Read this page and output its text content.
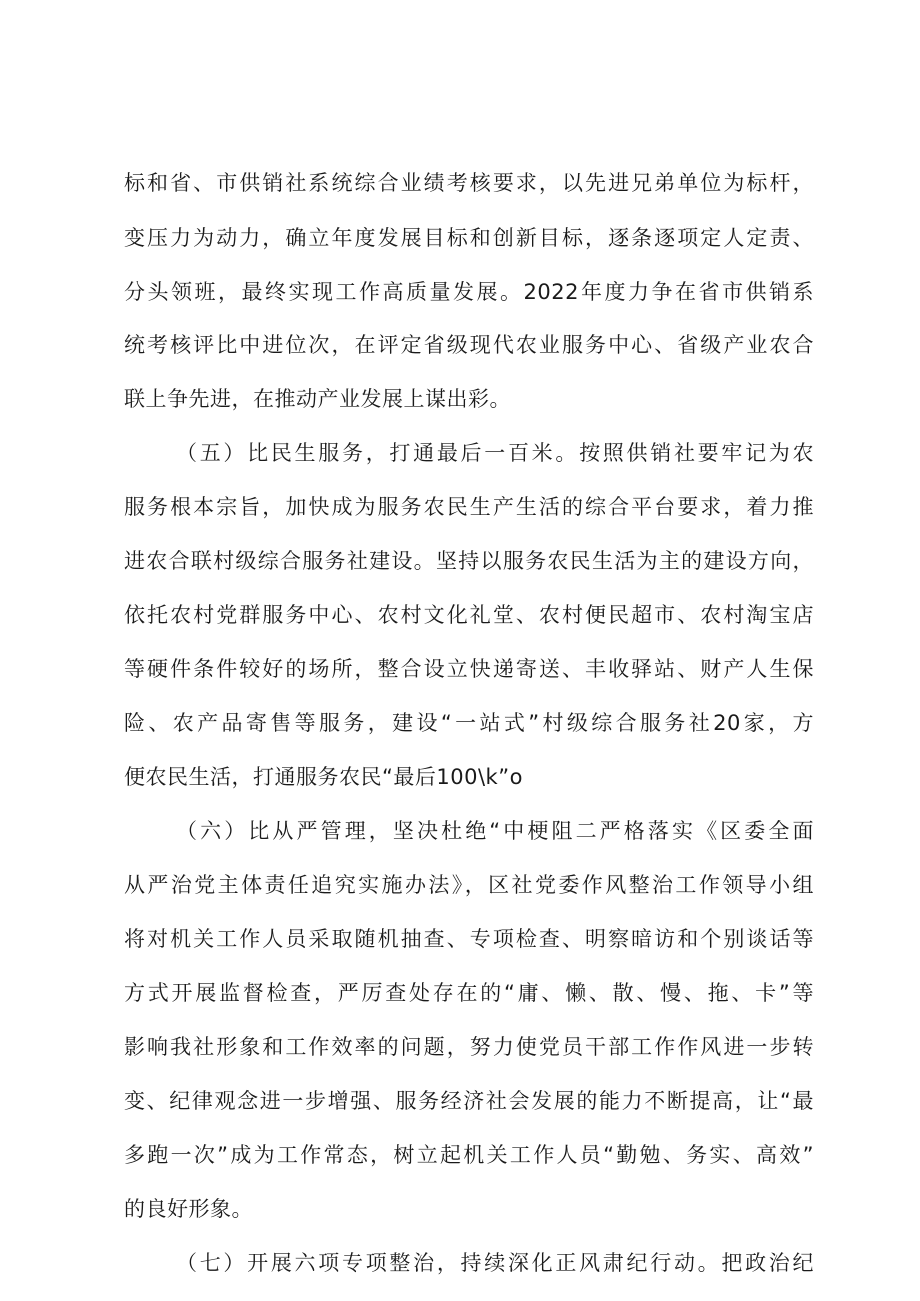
标和省、市供销社系统综合业绩考核要求，以先进兄弟单位为标杆，
变压力为动力，确立年度发展目标和创新目标，逐条逐项定人定责、
分头领班，最终实现工作高质量发展。2022年度力争在省市供销系
统考核评比中进位次，在评定省级现代农业服务中心、省级产业农合
联上争先进，在推动产业发展上谋出彩。
（五）比民生服务，打通最后一百米。按照供销社要牢记为农
服务根本宗旨，加快成为服务农民生产生活的综合平台要求，着力推
进农合联村级综合服务社建设。坚持以服务农民生活为主的建设方向，
依托农村党群服务中心、农村文化礼堂、农村便民超市、农村淘宝店
等硬件条件较好的场所，整合设立快递寄送、丰收驿站、财产人生保
险、农产品寄售等服务，建设“一站式”村级综合服务社20家，方
便农民生活，打通服务农民“最后100\k”o
（六）比从严管理，坚决杜绝“中梗阻二严格落实《区委全面
从严治党主体责任追究实施办法》，区社党委作风整治工作领导小组
将对机关工作人员采取随机抽查、专项检查、明察暗访和个别谈话等
方式开展监督检查，严厉查处存在的“庸、懒、散、慢、拖、卡”等
影响我社形象和工作效率的问题，努力使党员干部工作作风进一步转
变、纪律观念进一步增强、服务经济社会发展的能力不断提高，让“最
多跑一次”成为工作常态，树立起机关工作人员“勤勉、务实、高效”
的良好形象。
（七）开展六项专项整治，持续深化正风肃纪行动。把政治纪
